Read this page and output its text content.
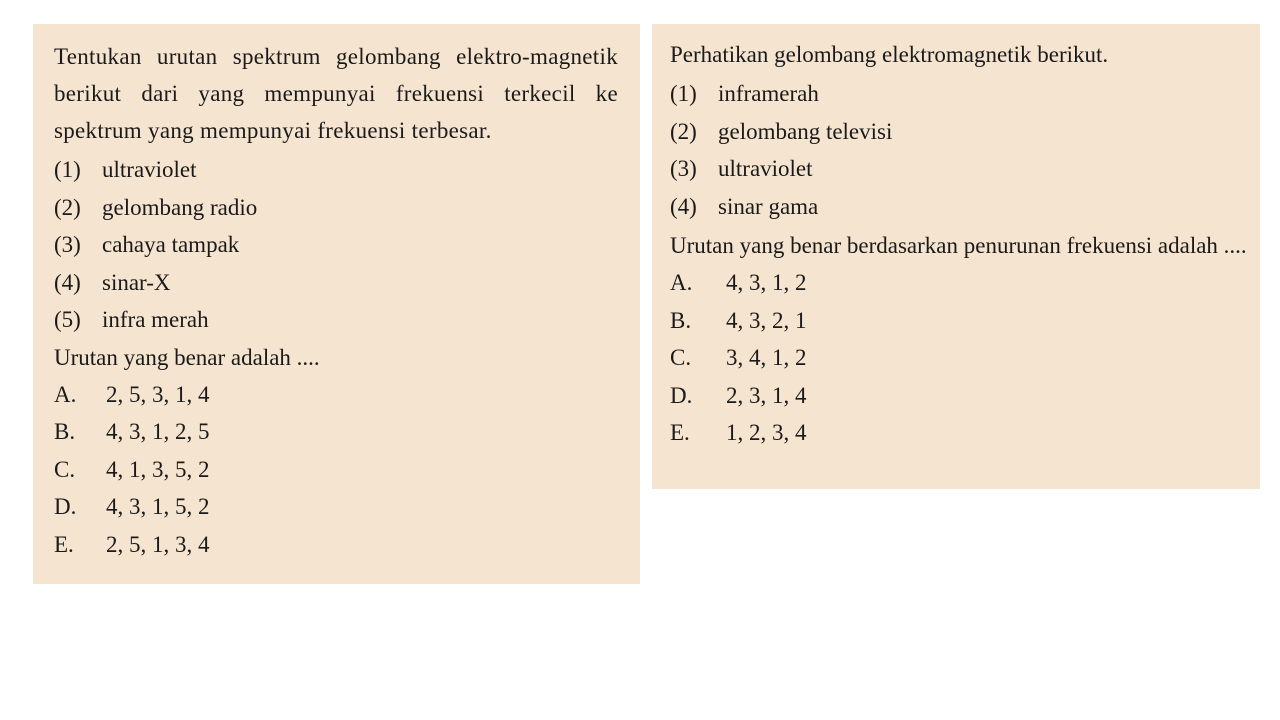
Tentukan urutan spektrum gelombang elektro-magnetik berikut dari yang mempunyai frekuensi terkecil ke spektrum yang mempunyai frekuensi terbesar.

(1) ultraviolet
(2) gelombang radio
(3) cahaya tampak
(4) sinar-X
(5) infra merah
Urutan yang benar adalah ....
A.	2, 5, 3, 1, 4
B.	4, 3, 1, 2, 5
C.	4, 1, 3, 5, 2
D.	4, 3, 1, 5, 2
E.	2, 5, 1, 3, 4

Perhatikan gelombang elektromagnetik berikut.

(1) inframerah
(2) gelombang televisi
(3) ultraviolet
(4) sinar gama
Urutan yang benar berdasarkan penurunan frekuensi adalah ....
A.	4, 3, 1, 2
B.	4, 3, 2, 1
C.	3, 4, 1, 2
D.	2, 3, 1, 4
E.	1, 2, 3, 4
